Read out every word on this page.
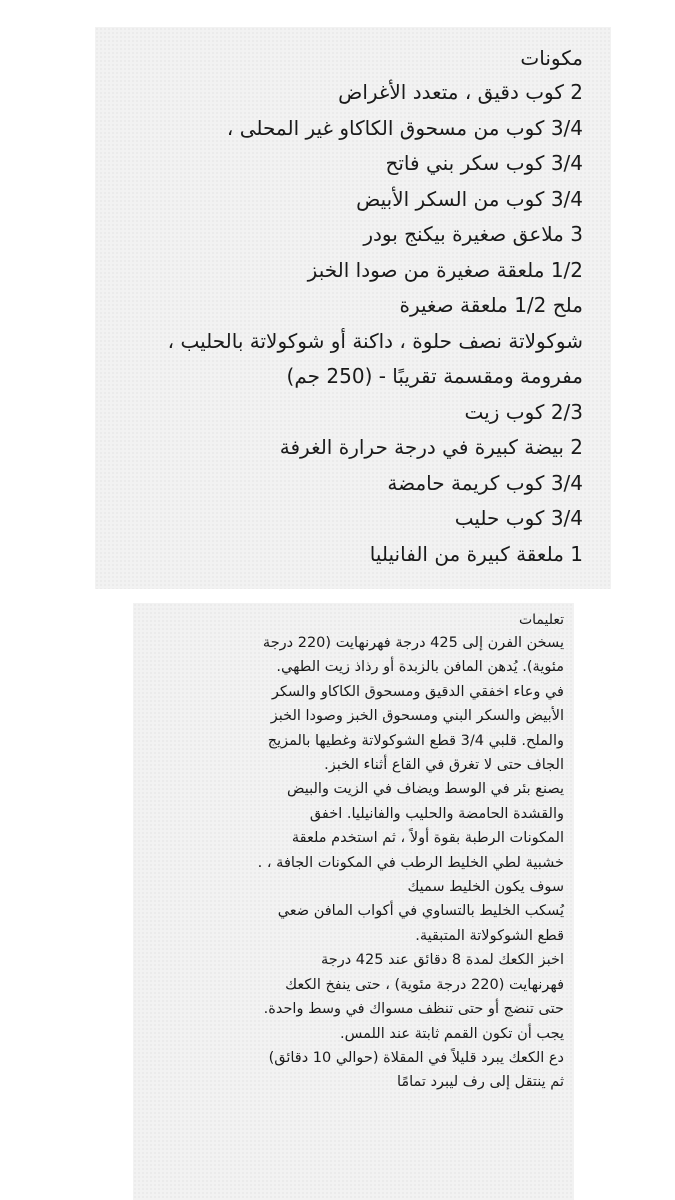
مكونات
2 كوب دقيق ، متعدد الأغراض
3/4 كوب من مسحوق الكاكاو غير المحلى ،
3/4 كوب سكر بني فاتح
3/4 كوب من السكر الأبيض
3 ملاعق صغيرة بيكنج بودر
1/2 ملعقة صغيرة من صودا الخبز
ملح 1/2 ملعقة صغيرة
شوكولاتة نصف حلوة ، داكنة أو شوكولاتة بالحليب ،
مفرومة ومقسمة تقريبًا - (250 جم)
2/3 كوب زيت
2 بيضة كبيرة في درجة حرارة الغرفة
3/4 كوب كريمة حامضة
3/4 كوب حليب
1 ملعقة كبيرة من الفانيليا
تعليمات
يسخن الفرن إلى 425 درجة فهرنهايت (220 درجة
مئوية). يُدهن المافن بالزبدة أو رذاذ زيت الطهي.
في وعاء اخفقي الدقيق ومسحوق الكاكاو والسكر
الأبيض والسكر البني ومسحوق الخبز وصودا الخبز
والملح. قلبي 3/4 قطع الشوكولاتة وغطيها بالمزيج
الجاف حتى لا تغرق في القاع أثناء الخبز.
يصنع بئر في الوسط ويضاف في الزيت والبيض
والقشدة الحامضة والحليب والفانيليا. اخفق
المكونات الرطبة بقوة أولاً ، ثم استخدم ملعقة
خشبية لطي الخليط الرطب في المكونات الجافة ، .
سوف يكون الخليط سميك
يُسكب الخليط بالتساوي في أكواب المافن ضعي
قطع الشوكولاتة المتبقية.
اخبز الكعك لمدة 8 دقائق عند 425 درجة
فهرنهايت (220 درجة مئوية) ، حتى ينفخ الكعك
حتى تنضج أو حتى تنظف مسواك في وسط واحدة.
يجب أن تكون القمم ثابتة عند اللمس.
دع الكعك يبرد قليلاً في المقلاة (حوالي 10 دقائق)
ثم ينتقل إلى رف ليبرد تمامًا
